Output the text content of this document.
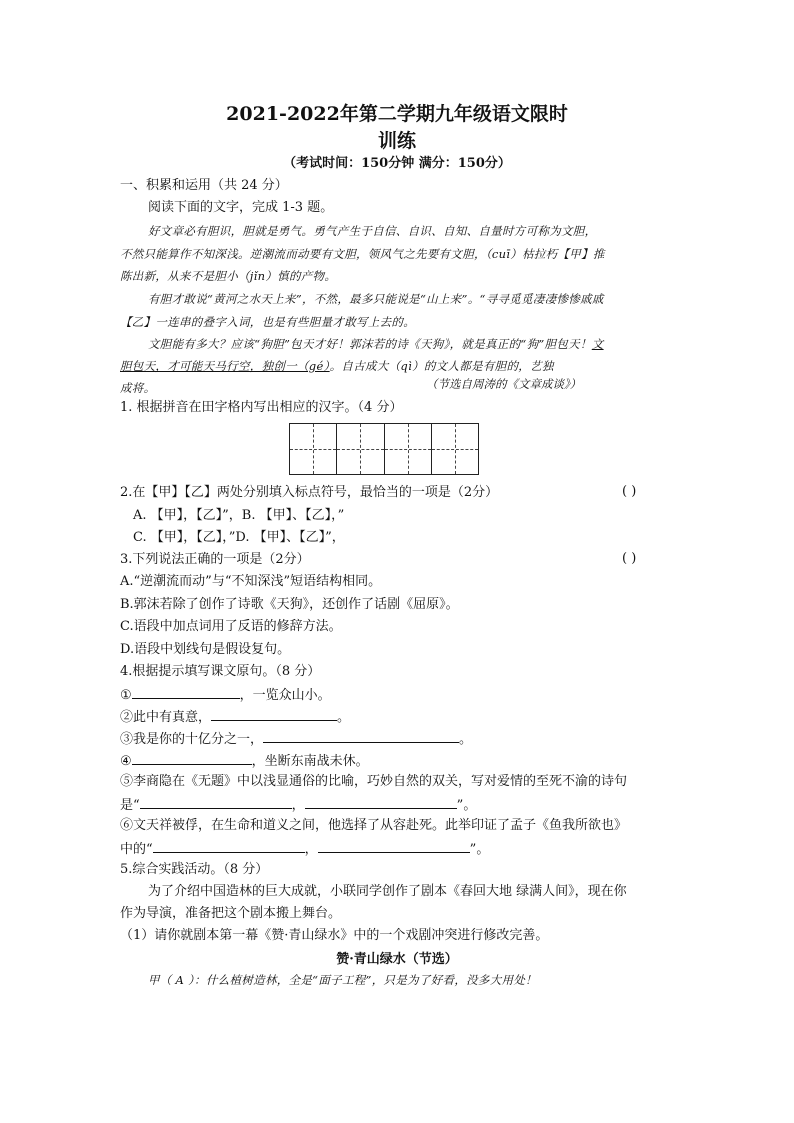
2021-2022年第二学期九年级语文限时
训练
（考试时间：150分钟 满分：150分）
一、积累和运用（共 24 分）
阅读下面的文字，完成 1-3 题。
好文章必有胆识，胆就是勇气。勇气产生于自信、自识、自知、自量时方可称为文胆，
不然只能算作不知深浅。逆潮流而动要有文胆，领风气之先要有文胆，（cuī）枯拉朽【甲】推
陈出新，从来不是胆小（jǐn）慎的产物。
有胆才敢说“黄河之水天上来”，不然，最多只能说是“山上来”。“寻寻觅觅凄凄惨惨戚戚
【乙】一连串的叠字入词，也是有些胆量才敢写上去的。
文胆能有多大？应该“狗胆”包天才好！郭沫若的诗《天狗》，就是真正的“狗”胆包天！文
胆包天，才可能天马行空，独创一（gé）。自古成大（qì）的文人都是有胆的，艺独
成将。	（节选自周涛的《文章成谈》）
1. 根据拼音在田字格内写出相应的汉字。（4 分）
2.在【甲】【乙】两处分别填入标点符号，最恰当的一项是（2分）	( )
A. 【甲】，【乙】”，B. 【甲】、【乙】，”
C. 【甲】，【乙】，”D. 【甲】、【乙】”，
3.下列说法正确的一项是（2分）	( )
A.“逆潮流而动”与“不知深浅”短语结构相同。
B.郭沫若除了创作了诗歌《天狗》，还创作了话剧《屈原》。
C.语段中加点词用了反语的修辞方法。
D.语段中划线句是假设复句。
4.根据提示填写课文原句。（8 分）
①	，一览众山小。
②此中有真意，	。
③我是你的十亿分之一，	。
④	，坐断东南战未休。
⑤李商隐在《无题》中以浅显通俗的比喻，巧妙自然的双关，写对爱情的至死不渝的诗句
是“	，	”。
⑥文天祥被俘，在生命和道义之间，他选择了从容赴死。此举印证了孟子《鱼我所欲也》
中的“	，	”。
5.综合实践活动。（8 分）
为了介绍中国造林的巨大成就，小联同学创作了剧本《春回大地 绿满人间》，现在你
作为导演，准备把这个剧本搬上舞台。
（1）请你就剧本第一幕《赞·青山绿水》中的一个戏剧冲突进行修改完善。
赞·青山绿水（节选）
甲（ A ）：什么植树造林，全是“面子工程”，只是为了好看，没多大用处！
